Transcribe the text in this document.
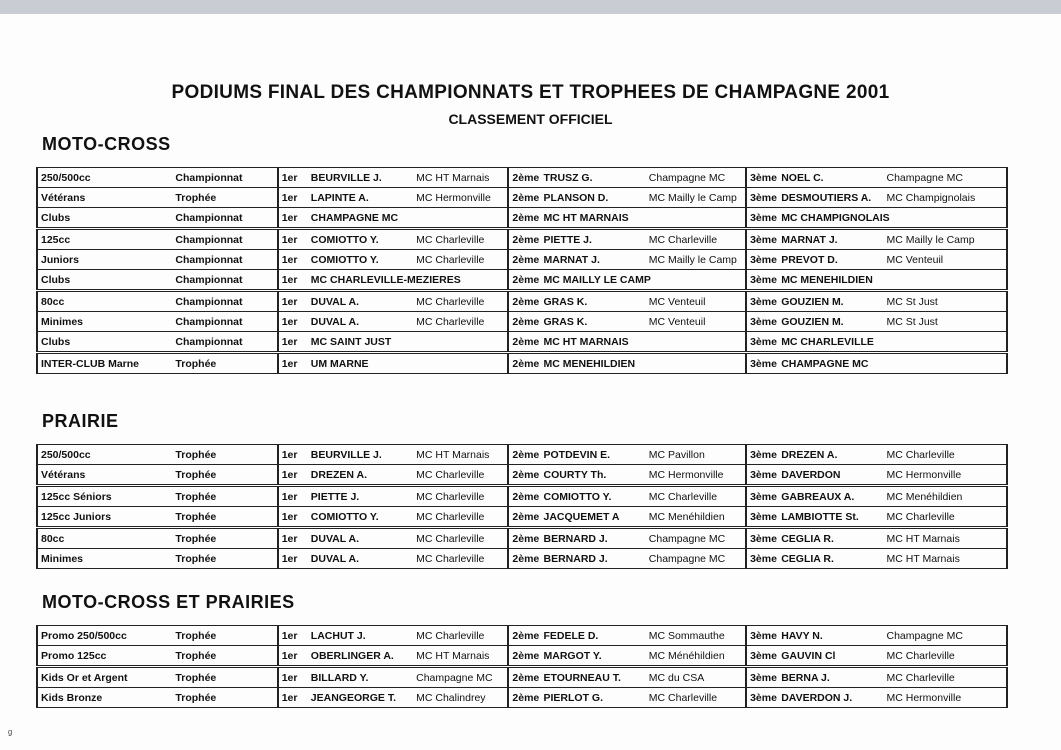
PODIUMS FINAL DES CHAMPIONNATS ET TROPHEES DE CHAMPAGNE 2001
CLASSEMENT OFFICIEL
MOTO-CROSS
250/500cc	Championnat	1er	BEURVILLE J.	MC HT Marnais	2ème	TRUSZ G.	Champagne MC	3ème	NOEL C.	Champagne MC
Vétérans	Trophée	1er	LAPINTE A.	MC Hermonville	2ème	PLANSON D.	MC Mailly le Camp	3ème	DESMOUTIERS A.	MC Champignolais
Clubs	Championnat	1er	CHAMPAGNE MC		2ème	MC HT MARNAIS		3ème	MC CHAMPIGNOLAIS	
125cc	Championnat	1er	COMIOTTO Y.	MC Charleville	2ème	PIETTE J.	MC Charleville	3ème	MARNAT J.	MC Mailly le Camp
Juniors	Championnat	1er	COMIOTTO Y.	MC Charleville	2ème	MARNAT J.	MC Mailly le Camp	3ème	PREVOT D.	MC Venteuil
Clubs	Championnat	1er	MC CHARLEVILLE-MEZIERES		2ème	MC MAILLY LE CAMP		3ème	MC MENEHILDIEN	
80cc	Championnat	1er	DUVAL A.	MC Charleville	2ème	GRAS K.	MC Venteuil	3ème	GOUZIEN M.	MC St Just
Minimes	Championnat	1er	DUVAL A.	MC Charleville	2ème	GRAS K.	MC Venteuil	3ème	GOUZIEN M.	MC St Just
Clubs	Championnat	1er	MC SAINT JUST		2ème	MC HT MARNAIS		3ème	MC CHARLEVILLE	
INTER-CLUB Marne	Trophée	1er	UM MARNE		2ème	MC MENEHILDIEN		3ème	CHAMPAGNE MC	
PRAIRIE
250/500cc	Trophée	1er	BEURVILLE J.	MC HT Marnais	2ème	POTDEVIN E.	MC Pavillon	3ème	DREZEN A.	MC Charleville
Vétérans	Trophée	1er	DREZEN A.	MC Charleville	2ème	COURTY Th.	MC Hermonville	3ème	DAVERDON	MC Hermonville
125cc Séniors	Trophée	1er	PIETTE J.	MC Charleville	2ème	COMIOTTO Y.	MC Charleville	3ème	GABREAUX A.	MC Menéhildien
125cc Juniors	Trophée	1er	COMIOTTO Y.	MC Charleville	2ème	JACQUEMET A	MC Menéhildien	3ème	LAMBIOTTE St.	MC Charleville
80cc	Trophée	1er	DUVAL A.	MC Charleville	2ème	BERNARD J.	Champagne MC	3ème	CEGLIA R.	MC HT Marnais
Minimes	Trophée	1er	DUVAL A.	MC Charleville	2ème	BERNARD J.	Champagne MC	3ème	CEGLIA R.	MC HT Marnais
MOTO-CROSS ET PRAIRIES
Promo 250/500cc	Trophée	1er	LACHUT J.	MC Charleville	2ème	FEDELE D.	MC Sommauthe	3ème	HAVY N.	Champagne MC
Promo 125cc	Trophée	1er	OBERLINGER A.	MC HT Marnais	2ème	MARGOT Y.	MC Ménéhildien	3ème	GAUVIN Cl	MC Charleville
Kids Or et Argent	Trophée	1er	BILLARD Y.	Champagne MC	2ème	ETOURNEAU T.	MC du CSA	3ème	BERNA J.	MC Charleville
Kids Bronze	Trophée	1er	JEANGEORGE T.	MC Chalindrey	2ème	PIERLOT G.	MC Charleville	3ème	DAVERDON J.	MC Hermonville
ᵍ
